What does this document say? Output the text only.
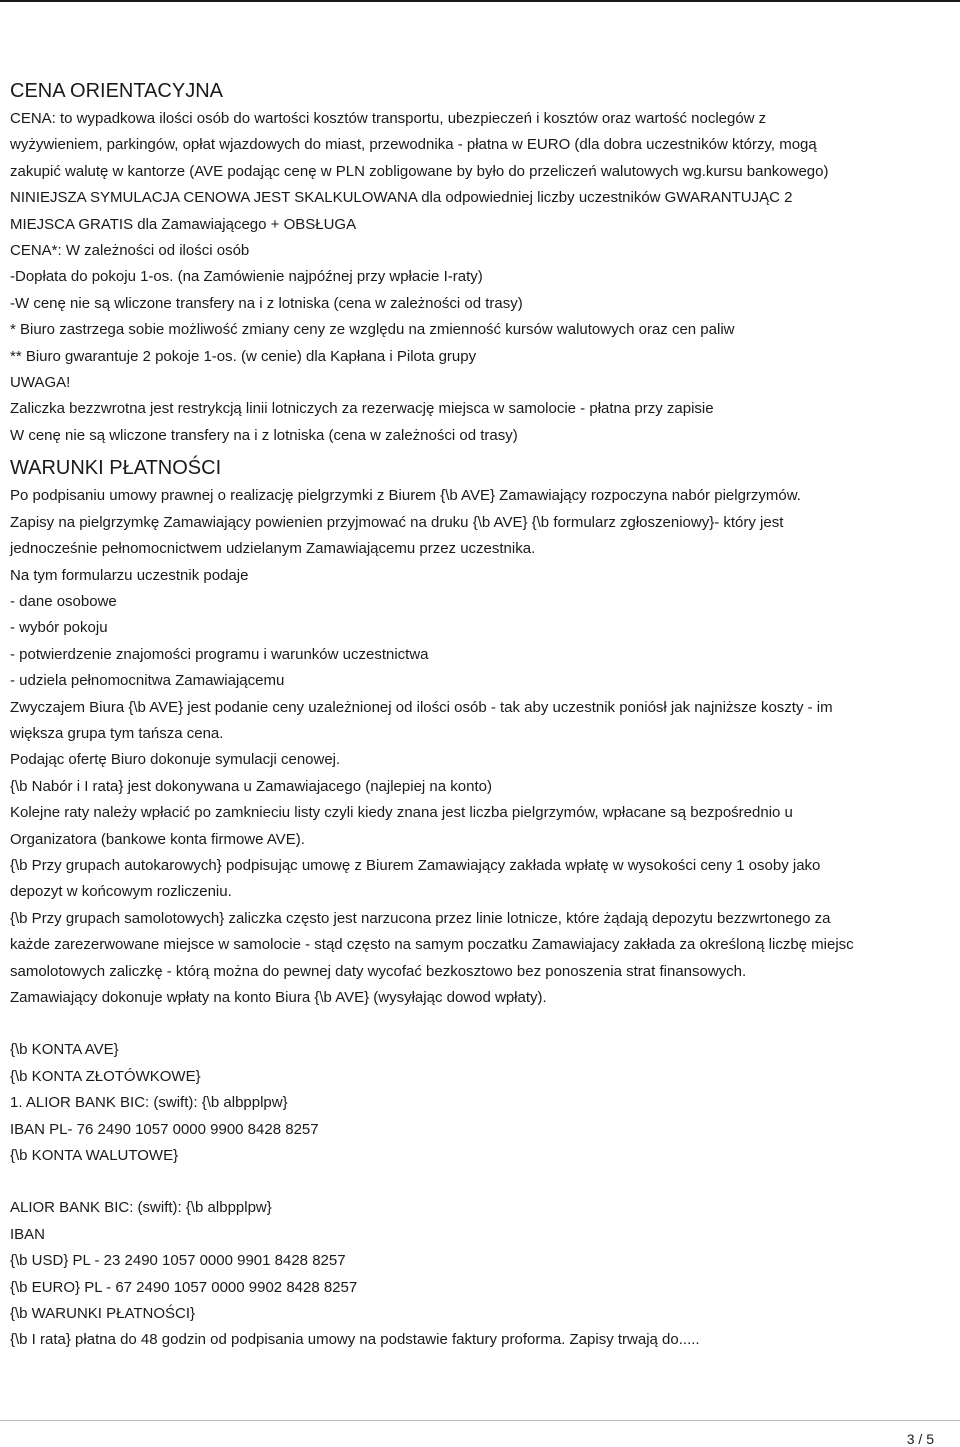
CENA ORIENTACYJNA
CENA: to wypadkowa ilości osób do wartości kosztów transportu, ubezpieczeń i kosztów oraz wartość noclegów z
wyżywieniem, parkingów, opłat wjazdowych do miast, przewodnika - płatna w EURO (dla dobra uczestników którzy, mogą
zakupić walutę w kantorze (AVE podając cenę w PLN zobligowane by było do przeliczeń walutowych wg.kursu bankowego)
NINIEJSZA SYMULACJA CENOWA JEST SKALKULOWANA dla odpowiedniej liczby uczestników GWARANTUJĄC 2
MIEJSCA GRATIS dla Zamawiającego + OBSŁUGA
CENA*: W zależności od ilości osób
-Dopłata do pokoju 1-os. (na Zamówienie najpóźnej przy wpłacie I-raty)
-W cenę nie są wliczone transfery na i z lotniska (cena w zależności od trasy)
* Biuro zastrzega sobie możliwość zmiany ceny ze względu na zmienność kursów walutowych oraz cen paliw
** Biuro gwarantuje 2 pokoje 1-os. (w cenie) dla Kapłana i Pilota grupy
UWAGA!
Zaliczka bezzwrotna jest restrykcją linii lotniczych za rezerwację miejsca w samolocie - płatna przy zapisie
W cenę nie są wliczone transfery na i z lotniska (cena w zależności od trasy)
WARUNKI PŁATNOŚCI
Po podpisaniu umowy prawnej o realizację pielgrzymki z Biurem {\b AVE} Zamawiający rozpoczyna nabór pielgrzymów.
Zapisy na pielgrzymkę Zamawiający powienien przyjmować na druku {\b AVE} {\b formularz zgłoszeniowy}- który jest
jednocześnie pełnomocnictwem udzielanym Zamawiającemu przez uczestnika.
Na tym formularzu uczestnik podaje
- dane osobowe
- wybór pokoju
- potwierdzenie znajomości programu i warunków uczestnictwa
- udziela pełnomocnitwa Zamawiającemu
Zwyczajem Biura {\b AVE} jest podanie ceny uzależnionej od ilości osób - tak aby uczestnik poniósł jak najniższe koszty - im
większa grupa tym tańsza cena.
Podając ofertę Biuro dokonuje symulacji cenowej.
{\b Nabór i I rata} jest dokonywana u Zamawiajacego (najlepiej na konto)
Kolejne raty należy wpłacić po zamknieciu listy czyli kiedy znana jest liczba pielgrzymów, wpłacane są bezpośrednio u
Organizatora (bankowe konta firmowe AVE).
{\b Przy grupach autokarowych} podpisując umowę z Biurem Zamawiający zakłada wpłatę w wysokości ceny 1 osoby jako
depozyt w końcowym rozliczeniu.
{\b Przy grupach samolotowych} zaliczka często jest narzucona przez linie lotnicze, które żądają depozytu bezzwrtonego za
każde zarezerwowane miejsce w samolocie - stąd często na samym poczatku Zamawiajacy zakłada za określoną liczbę miejsc
samolotowych zaliczkę - którą można do pewnej daty wycofać bezkosztowo bez ponoszenia strat finansowych.
Zamawiający dokonuje wpłaty na konto Biura {\b AVE} (wysyłając dowod wpłaty).
{\b KONTA AVE}
{\b KONTA ZŁOTÓWKOWE}
1. ALIOR BANK BIC: (swift): {\b albpplpw}
IBAN PL- 76 2490 1057 0000 9900 8428 8257
{\b KONTA WALUTOWE}
ALIOR BANK BIC: (swift): {\b albpplpw}
IBAN
{\b USD} PL - 23 2490 1057 0000 9901 8428 8257
{\b EURO} PL - 67 2490 1057 0000 9902 8428 8257
{\b WARUNKI PŁATNOŚCI}
{\b I rata} płatna do 48 godzin od podpisania umowy na podstawie faktury proforma. Zapisy trwają do.....
3 / 5
